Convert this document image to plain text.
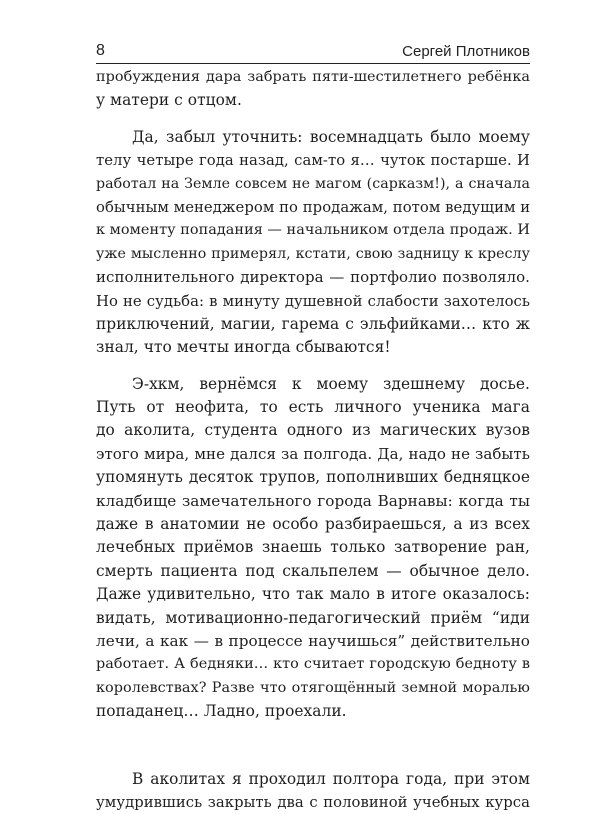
8	Сергей Плотников
пробуждения дара забрать пяти-шестилетнего ребёнка
у матери с отцом.
Да, забыл уточнить: восемнадцать было моему
телу четыре года назад, сам-то я… чуток постарше. И
работал на Земле совсем не магом (сарказм!), а сначала
обычным менеджером по продажам, потом ведущим и
к моменту попадания — начальником отдела продаж. И
уже мысленно примерял, кстати, свою задницу к креслу
исполнительного директора — портфолио позволяло.
Но не судьба: в минуту душевной слабости захотелось
приключений, магии, гарема с эльфийками… кто ж
знал, что мечты иногда сбываются!
Э-хкм, вернёмся к моему здешнему досье.
Путь от неофита, то есть личного ученика мага
до аколита, студента одного из магических вузов
этого мира, мне дался за полгода. Да, надо не забыть
упомянуть десяток трупов, пополнивших бедняцкое
кладбище замечательного города Варнавы: когда ты
даже в анатомии не особо разбираешься, а из всех
лечебных приёмов знаешь только затворение ран,
смерть пациента под скальпелем — обычное дело.
Даже удивительно, что так мало в итоге оказалось:
видать, мотивационно-педагогический приём “иди
лечи, а как — в процессе научишься” действительно
работает. А бедняки… кто считает городскую бедноту в
королевствах? Разве что отягощённый земной моралью
попаданец… Ладно, проехали.
В аколитах я проходил полтора года, при этом
умудрившись закрыть два с половиной учебных курса
